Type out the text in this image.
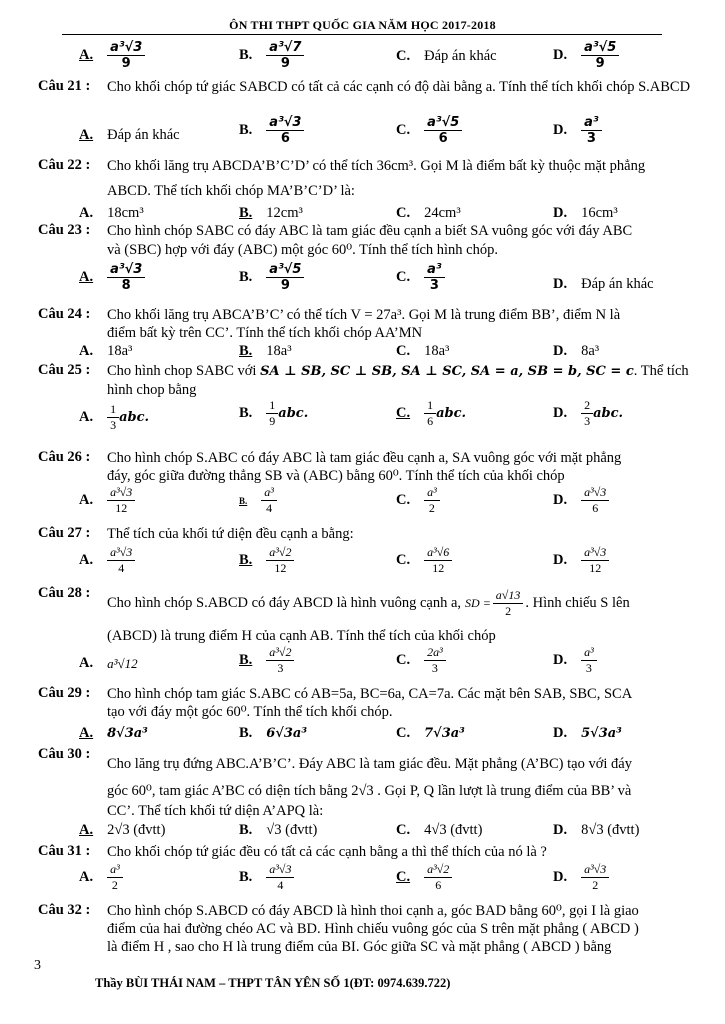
ÔN THI THPT QUỐC GIA NĂM HỌC 2017-2018
A. $\frac{\text{a³√3}}{9}$	B. $\frac{\text{a³√7}}{9}$	C. Đáp án khác	D. $\frac{\text{a³√5}}{9}$
Câu 21 : Cho khối chóp tứ giác SABCD có tất cả các cạnh có độ dài bằng a. Tính thể tích khối chóp S.ABCD
A. Đáp án khác	B. $\frac{\text{a³√3}}{6}$	C. $\frac{\text{a³√5}}{6}$	D. $\frac{\text{a³}}{3}$
Câu 22 : Cho khối lăng trụ ABCDA’B’C’D’ có thể tích 36cm³. Gọi M là điểm bất kỳ thuộc mặt phẳng
ABCD. Thể tích khối chóp MA’B’C’D’ là:
A. 18cm³	B. 12cm³	C. 24cm³	D. 16cm³
Câu 23 : Cho hình chóp SABC có đáy ABC là tam giác đều cạnh a biết SA vuông góc với đáy ABC
và (SBC) hợp với đáy (ABC) một góc 60⁰. Tính thể tích hình chóp.
A. $\frac{\text{a³√3}}{8}$	B. $\frac{\text{a³√5}}{9}$	C. $\frac{\text{a³}}{3}$	D. Đáp án khác
Câu 24 : Cho khối lăng trụ ABCA’B’C’ có thể tích V = 27a³. Gọi M là trung điểm BB’, điểm N là
điểm bất kỳ trên CC’. Tính thể tích khối chóp AA’MN
A. 18a³	B. 18a³	C. 18a³	D. 8a³
Câu 25 : Cho hình chop SABC với SA ⊥ SB, SC ⊥ SB, SA ⊥ SC, SA = a, SB = b, SC = c. Thể tích
hình chop bằng
A. $\frac{1}{3}$ abc.	B. $\frac{1}{9}$ abc.	C. $\frac{1}{6}$ abc.	D. $\frac{2}{3}$ abc.
Câu 26 : Cho hình chóp S.ABC có đáy ABC là tam giác đều cạnh a, SA vuông góc với mặt phẳng
đáy, góc giữa đường thẳng SB và (ABC) bằng 60⁰. Tính thể tích của khối chóp
A. $\frac{\text{a³√3}}{12}$	B. $\frac{\text{a³}}{4}$	C. $\frac{\text{a³}}{2}$	D. $\frac{\text{a³√3}}{6}$
Câu 27 : Thể tích của khối tứ diện đều cạnh a bằng:
A. $\frac{\text{a³√3}}{4}$	B. $\frac{\text{a³√2}}{12}$	C. $\frac{\text{a³√6}}{12}$	D. $\frac{\text{a³√3}}{12}$
Câu 28 :
Cho hình chóp S.ABCD có đáy ABCD là hình vuông cạnh a, SD = $\frac{a√13}{2}$ . Hình chiếu S lên
(ABCD) là trung điểm H của cạnh AB. Tính thể tích của khối chóp
A. a³√12	B. $\frac{\text{a³√2}}{3}$	C. $\frac{\text{2a³}}{3}$	D. $\frac{\text{a³}}{3}$
Câu 29 : Cho hình chóp tam giác S.ABC có AB=5a, BC=6a, CA=7a. Các mặt bên SAB, SBC, SCA
tạo với đáy một góc 60⁰. Tính thể tích khối chóp.
A. 8√3a³	B. 6√3a³	C. 7√3a³	D. 5√3a³
Câu 30 :
Cho lăng trụ đứng ABC.A’B’C’. Đáy ABC là tam giác đều. Mặt phẳng (A’BC) tạo với đáy
góc 60⁰, tam giác A’BC có diện tích bằng 2√3 . Gọi P, Q lần lượt là trung điểm của BB’ và
CC’. Thể tích khối tứ diện A’APQ là:
A. 2√3 (đvtt)	B. √3 (đvtt)	C. 4√3 (đvtt)	D. 8√3 (đvtt)
Câu 31 : Cho khối chóp tứ giác đều có tất cả các cạnh bằng a thì thể thích của nó là ?
A. $\frac{\text{a³}}{2}$	B. $\frac{\text{a³√3}}{4}$	C. $\frac{\text{a³√2}}{6}$	D. $\frac{\text{a³√3}}{2}$
Câu 32 : Cho hình chóp S.ABCD có đáy ABCD là hình thoi cạnh a, góc BAD bằng 60⁰, gọi I là giao
điểm của hai đường chéo AC và BD. Hình chiếu vuông góc của S trên mặt phẳng ( ABCD )
là điểm H , sao cho H là trung điểm của BI. Góc giữa SC và mặt phẳng ( ABCD ) bằng
3
Thầy BÙI THÁI NAM – THPT TÂN YÊN SỐ 1(ĐT: 0974.639.722)
